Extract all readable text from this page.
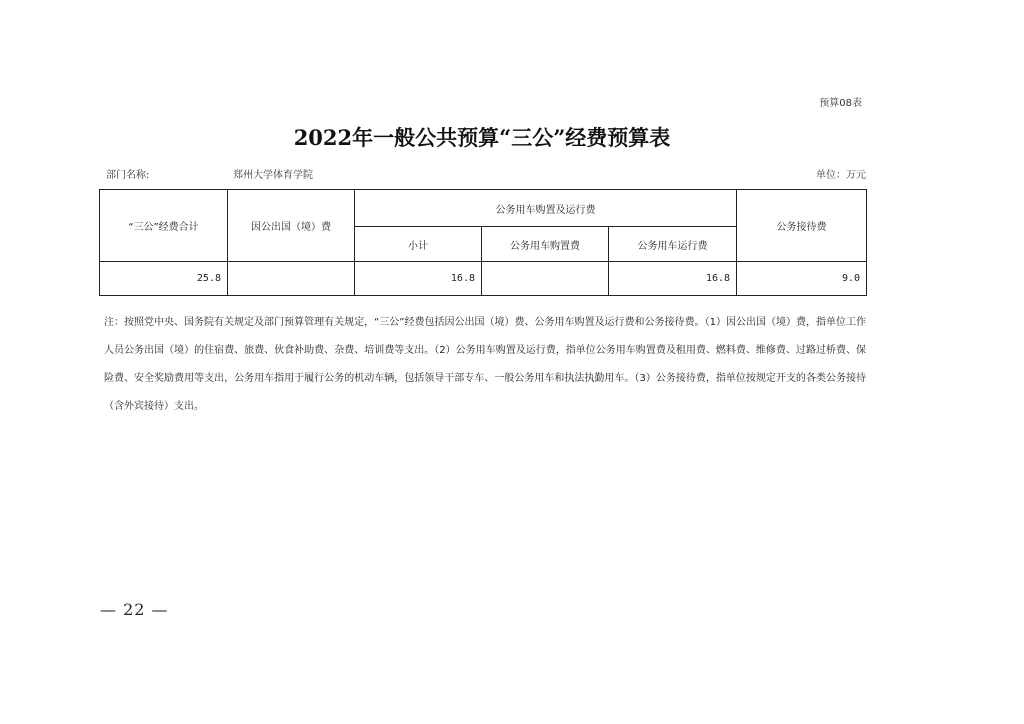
预算08表
2022年一般公共预算“三公”经费预算表
部门名称:	郑州大学体育学院	单位：万元
“三公”经费合计	因公出国（境）费	公务用车购置及运行费			公务接待费
		小计	公务用车购置费	公务用车运行费	
25.8		16.8		16.8	9.0

注：按照党中央、国务院有关规定及部门预算管理有关规定，“三公”经费包括因公出国（境）费、公务用车购置及运行费和公务接待费。（1）因公出国（境）费，指单位工作人员公务出国（境）的住宿费、旅费、伙食补助费、杂费、培训费等支出。（2）公务用车购置及运行费，指单位公务用车购置费及租用费、燃料费、维修费、过路过桥费、保险费、安全奖励费用等支出，公务用车指用于履行公务的机动车辆，包括领导干部专车、一般公务用车和执法执勤用车。（3）公务接待费，指单位按规定开支的各类公务接待（含外宾接待）支出。

— 22 —
